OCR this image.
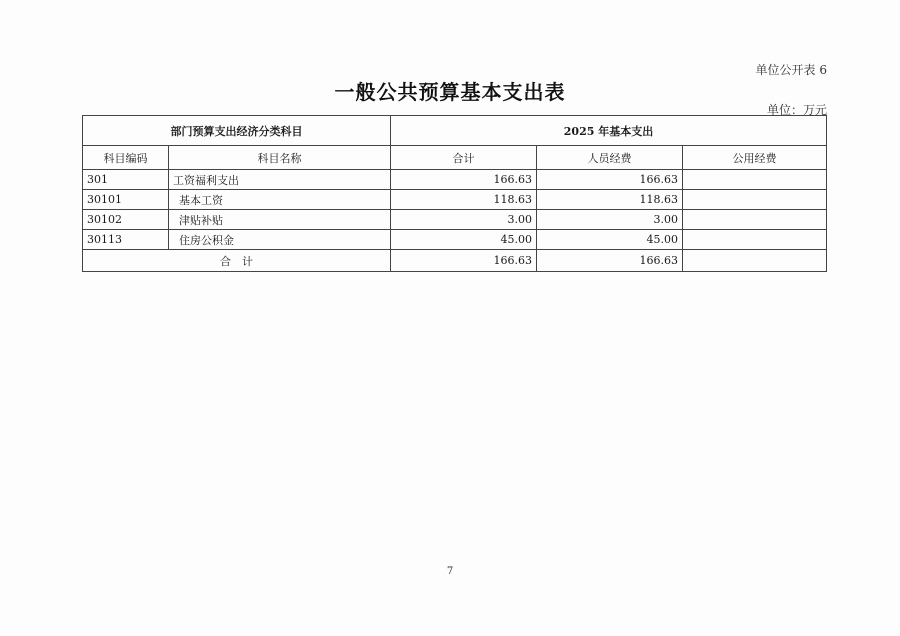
单位公开表 6
一般公共预算基本支出表
单位：万元
部门预算支出经济分类科目		2025 年基本支出		
科目编码	科目名称	合计	人员经费	公用经费
301	工资福利支出	166.63	166.63	
30101	基本工资	118.63	118.63	
30102	津贴补贴	3.00	3.00	
30113	住房公积金	45.00	45.00	
合　计		166.63	166.63	
7
